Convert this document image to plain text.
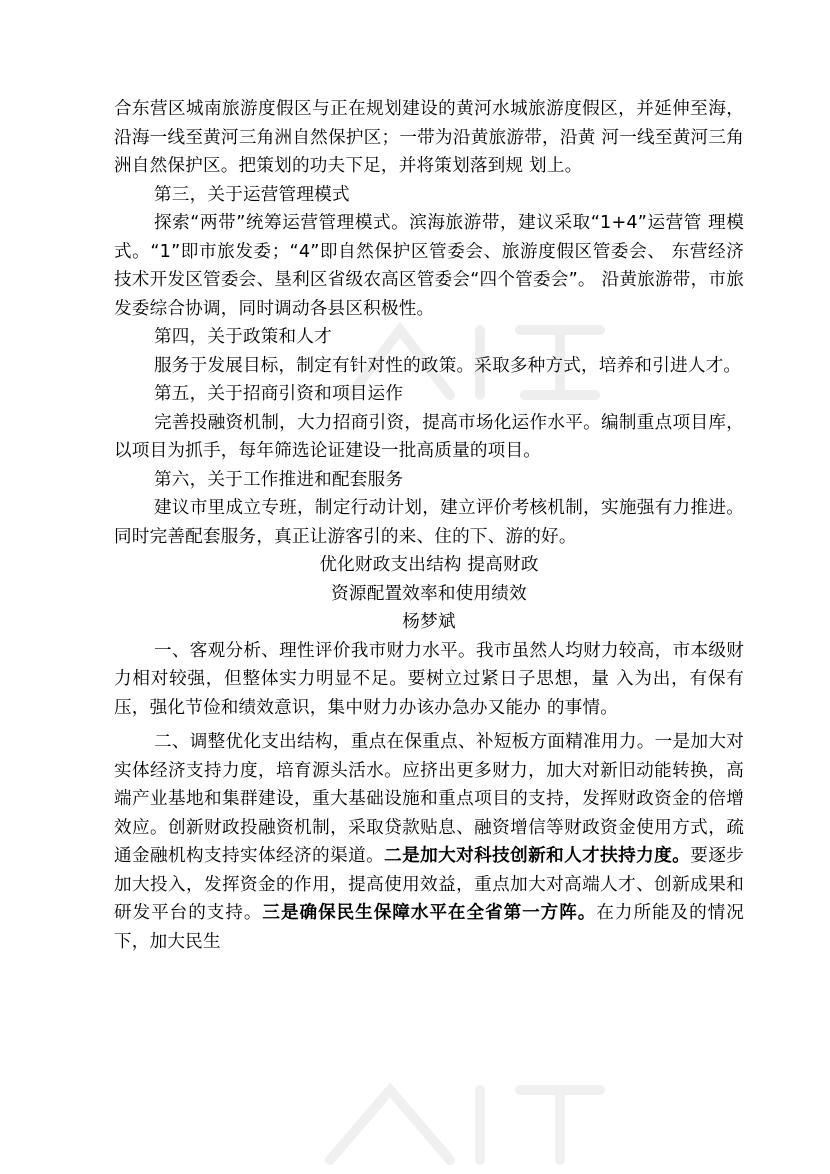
合东营区城南旅游度假区与正在规划建设的黄河水城旅游度假区，并延伸至海，沿海一线至黄河三角洲自然保护区；一带为沿黄旅游带，沿黄 河一线至黄河三角洲自然保护区。把策划的功夫下足，并将策划落到规 划上。

第三，关于运营管理模式

探索“两带”统筹运营管理模式。滨海旅游带，建议采取“1+4”运营管 理模式。“1”即市旅发委；“4”即自然保护区管委会、旅游度假区管委会、 东营经济技术开发区管委会、垦利区省级农高区管委会“四个管委会”。 沿黄旅游带，市旅发委综合协调，同时调动各县区积极性。

第四，关于政策和人才

服务于发展目标，制定有针对性的政策。采取多种方式，培养和引进人才。

第五，关于招商引资和项目运作

完善投融资机制，大力招商引资，提高市场化运作水平。编制重点项目库，以项目为抓手，每年筛选论证建设一批高质量的项目。

第六，关于工作推进和配套服务

建议市里成立专班，制定行动计划，建立评价考核机制，实施强有力推进。同时完善配套服务，真正让游客引的来、住的下、游的好。

优化财政支出结构 提高财政

资源配置效率和使用绩效

杨梦斌

一、客观分析、理性评价我市财力水平。我市虽然人均财力较高，市本级财力相对较强，但整体实力明显不足。要树立过紧日子思想，量 入为出，有保有压，强化节俭和绩效意识，集中财力办该办急办又能办 的事情。

二、调整优化支出结构，重点在保重点、补短板方面精准用力。一是加大对实体经济支持力度，培育源头活水。应挤出更多财力，加大对新旧动能转换，高端产业基地和集群建设，重大基础设施和重点项目的支持，发挥财政资金的倍增效应。创新财政投融资机制，采取贷款贴息、融资增信等财政资金使用方式，疏通金融机构支持实体经济的渠道。二是加大对科技创新和人才扶持力度。要逐步加大投入，发挥资金的作用，提高使用效益，重点加大对高端人才、创新成果和研发平台的支持。三是确保民生保障水平在全省第一方阵。在力所能及的情况下，加大民生
